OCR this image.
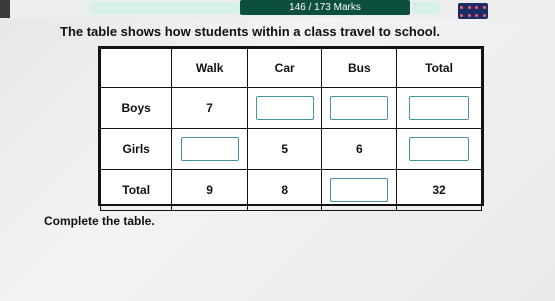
146 / 173 Marks
The table shows how students within a class travel to school.
	Walk	Car	Bus	Total
Boys	7			
Girls		5	6	
Total	9	8		32
Complete the table.
